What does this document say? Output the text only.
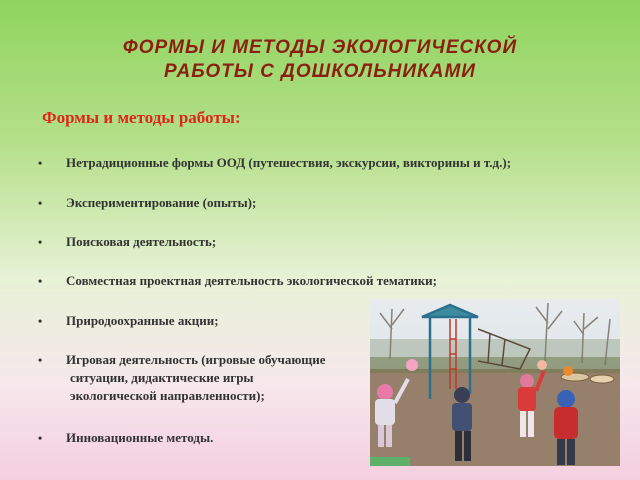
ФОРМЫ И МЕТОДЫ ЭКОЛОГИЧЕСКОЙ
РАБОТЫ С ДОШКОЛЬНИКАМИ
Формы и методы работы:
• Нетрадиционные формы ООД (путешествия, экскурсии, викторины и т.д.);
• Экспериментирование (опыты);
• Поисковая деятельность;
• Совместная проектная деятельность экологической тематики;
• Природоохранные акции;
• Игровая деятельность (игровые обучающие
ситуации, дидактические игры
экологической направленности);
• Инновационные методы.
